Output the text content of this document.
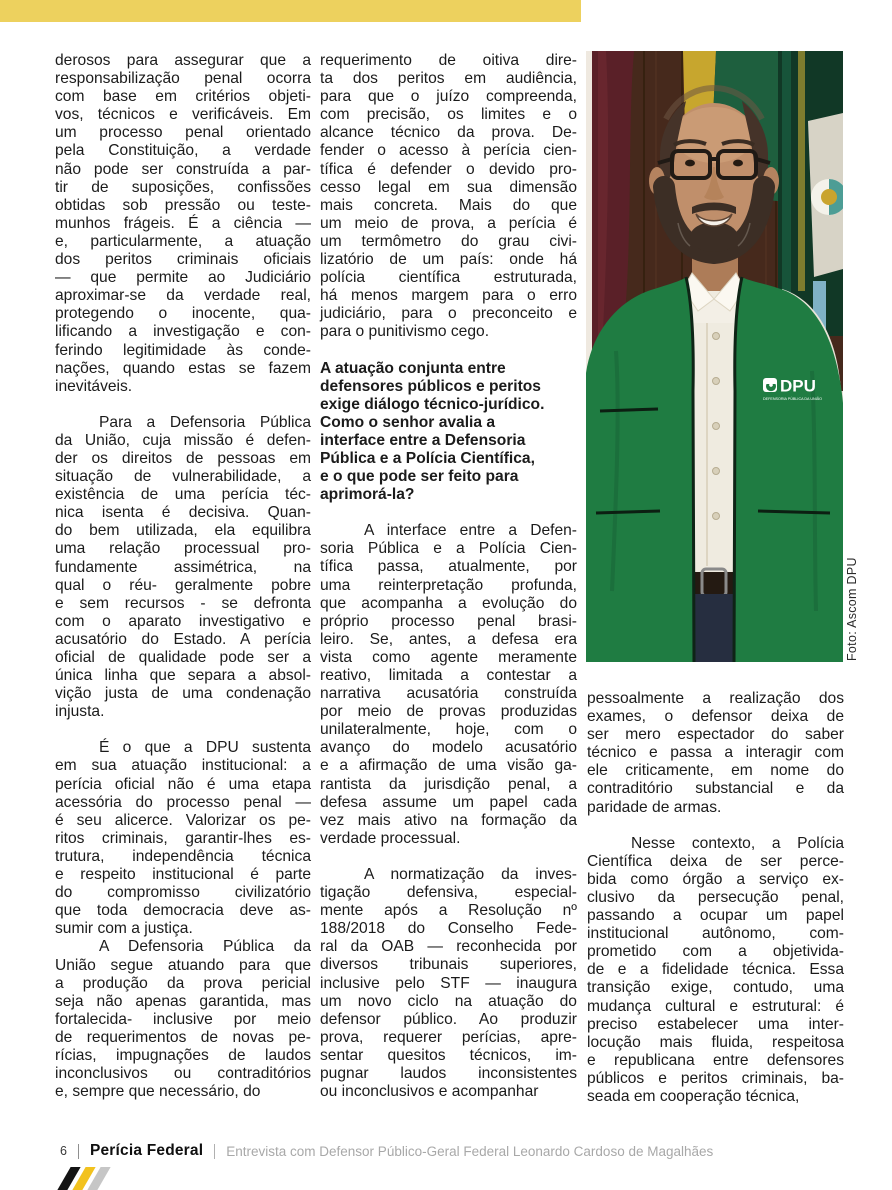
derosos para assegurar que a
responsabilização penal ocorra
com base em critérios objeti-
vos, técnicos e verificáveis. Em
um processo penal orientado
pela Constituição, a verdade
não pode ser construída a par-
tir de suposições, confissões
obtidas sob pressão ou teste-
munhos frágeis. É a ciência —
e, particularmente, a atuação
dos peritos criminais oficiais
— que permite ao Judiciário
aproximar-se da verdade real,
protegendo o inocente, qua-
lificando a investigação e con-
ferindo legitimidade às conde-
nações, quando estas se fazem
inevitáveis.
Para a Defensoria Pública
da União, cuja missão é defen-
der os direitos de pessoas em
situação de vulnerabilidade, a
existência de uma perícia téc-
nica isenta é decisiva. Quan-
do bem utilizada, ela equilibra
uma relação processual pro-
fundamente assimétrica, na
qual o réu- geralmente pobre
e sem recursos - se defronta
com o aparato investigativo e
acusatório do Estado. A perícia
oficial de qualidade pode ser a
única linha que separa a absol-
vição justa de uma condenação
injusta.
É o que a DPU sustenta
em sua atuação institucional: a
perícia oficial não é uma etapa
acessória do processo penal —
é seu alicerce. Valorizar os pe-
ritos criminais, garantir-lhes es-
trutura, independência técnica
e respeito institucional é parte
do compromisso civilizatório
que toda democracia deve as-
sumir com a justiça.
A Defensoria Pública da
União segue atuando para que
a produção da prova pericial
seja não apenas garantida, mas
fortalecida- inclusive por meio
de requerimentos de novas pe-
rícias, impugnações de laudos
inconclusivos ou contraditórios
e, sempre que necessário, do
requerimento de oitiva dire-
ta dos peritos em audiência,
para que o juízo compreenda,
com precisão, os limites e o
alcance técnico da prova. De-
fender o acesso à perícia cien-
tífica é defender o devido pro-
cesso legal em sua dimensão
mais concreta. Mais do que
um meio de prova, a perícia é
um termômetro do grau civi-
lizatório de um país: onde há
polícia científica estruturada,
há menos margem para o erro
judiciário, para o preconceito e
para o punitivismo cego.
A atuação conjunta entre
defensores públicos e peritos
exige diálogo técnico-jurídico.
Como o senhor avalia a
interface entre a Defensoria
Pública e a Polícia Científica,
e o que pode ser feito para
aprimorá-la?
A interface entre a Defen-
soria Pública e a Polícia Cien-
tífica passa, atualmente, por
uma reinterpretação profunda,
que acompanha a evolução do
próprio processo penal brasi-
leiro. Se, antes, a defesa era
vista como agente meramente
reativo, limitada a contestar a
narrativa acusatória construída
por meio de provas produzidas
unilateralmente, hoje, com o
avanço do modelo acusatório
e a afirmação de uma visão ga-
rantista da jurisdição penal, a
defesa assume um papel cada
vez mais ativo na formação da
verdade processual.
A normatização da inves-
tigação defensiva, especial-
mente após a Resolução nº
188/2018 do Conselho Fede-
ral da OAB — reconhecida por
diversos tribunais superiores,
inclusive pelo STF — inaugura
um novo ciclo na atuação do
defensor público. Ao produzir
prova, requerer perícias, apre-
sentar quesitos técnicos, im-
pugnar laudos inconsistentes
ou inconclusivos e acompanhar
pessoalmente a realização dos
exames, o defensor deixa de
ser mero espectador do saber
técnico e passa a interagir com
ele criticamente, em nome do
contraditório substancial e da
paridade de armas.
Nesse contexto, a Polícia
Científica deixa de ser perce-
bida como órgão a serviço ex-
clusivo da persecução penal,
passando a ocupar um papel
institucional autônomo, com-
prometido com a objetivida-
de e a fidelidade técnica. Essa
transição exige, contudo, uma
mudança cultural e estrutural: é
preciso estabelecer uma inter-
locução mais fluida, respeitosa
e republicana entre defensores
públicos e peritos criminais, ba-
seada em cooperação técnica,
DPU
DEFENSORIA PÚBLICA DA UNIÃO
Foto: Ascom DPU
6 Perícia Federal Entrevista com Defensor Público-Geral Federal Leonardo Cardoso de Magalhães
